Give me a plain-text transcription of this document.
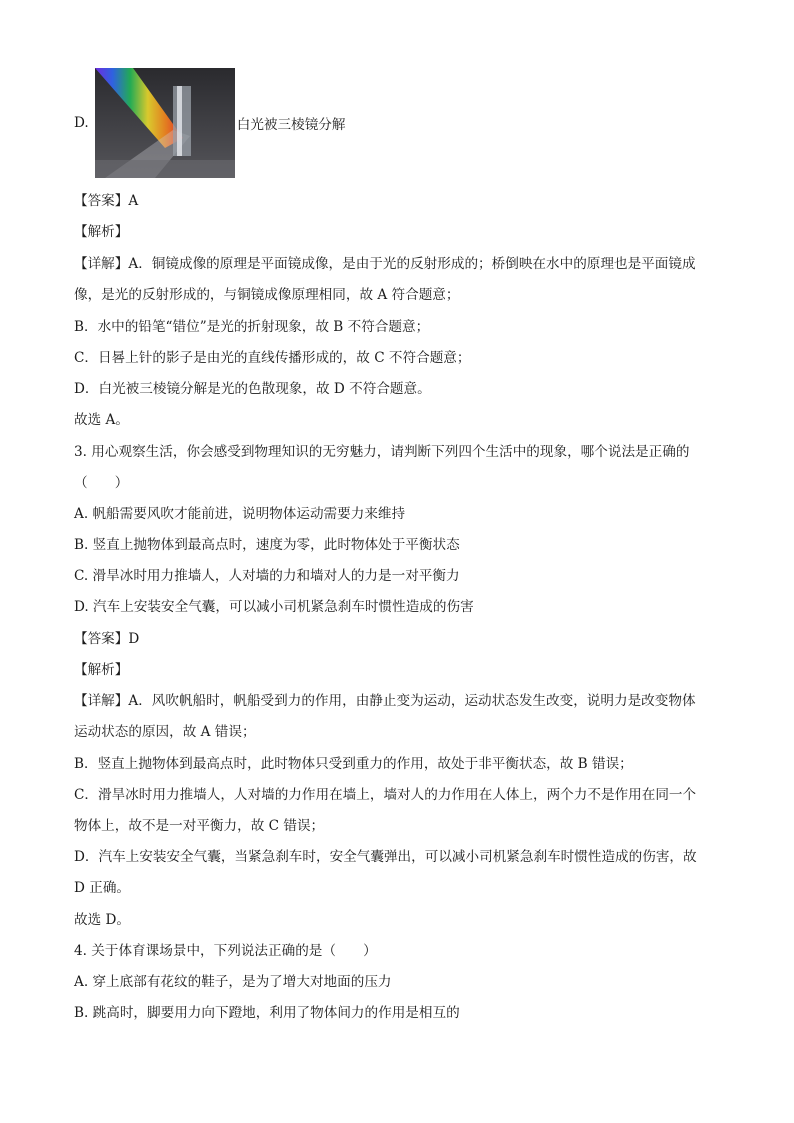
D.	白光被三棱镜分解
【答案】A
【解析】
【详解】A．铜镜成像的原理是平面镜成像，是由于光的反射形成的；桥倒映在水中的原理也是平面镜成
像，是光的反射形成的，与铜镜成像原理相同，故 A 符合题意；
B．水中的铅笔“错位”是光的折射现象，故 B 不符合题意；
C．日晷上针的影子是由光的直线传播形成的，故 C 不符合题意；
D．白光被三棱镜分解是光的色散现象，故 D 不符合题意。
故选 A。
3. 用心观察生活，你会感受到物理知识的无穷魅力，请判断下列四个生活中的现象，哪个说法是正确的
（　　）
A. 帆船需要风吹才能前进，说明物体运动需要力来维持
B. 竖直上抛物体到最高点时，速度为零，此时物体处于平衡状态
C. 滑旱冰时用力推墙人，人对墙的力和墙对人的力是一对平衡力
D. 汽车上安装安全气囊，可以减小司机紧急刹车时惯性造成的伤害
【答案】D
【解析】
【详解】A．风吹帆船时，帆船受到力的作用，由静止变为运动，运动状态发生改变，说明力是改变物体
运动状态的原因，故 A 错误；
B．竖直上抛物体到最高点时，此时物体只受到重力的作用，故处于非平衡状态，故 B 错误；
C．滑旱冰时用力推墙人，人对墙的力作用在墙上，墙对人的力作用在人体上，两个力不是作用在同一个
物体上，故不是一对平衡力，故 C 错误；
D．汽车上安装安全气囊，当紧急刹车时，安全气囊弹出，可以减小司机紧急刹车时惯性造成的伤害，故
D 正确。
故选 D。
4. 关于体育课场景中，下列说法正确的是（　　）
A. 穿上底部有花纹的鞋子，是为了增大对地面的压力
B. 跳高时，脚要用力向下蹬地，利用了物体间力的作用是相互的
